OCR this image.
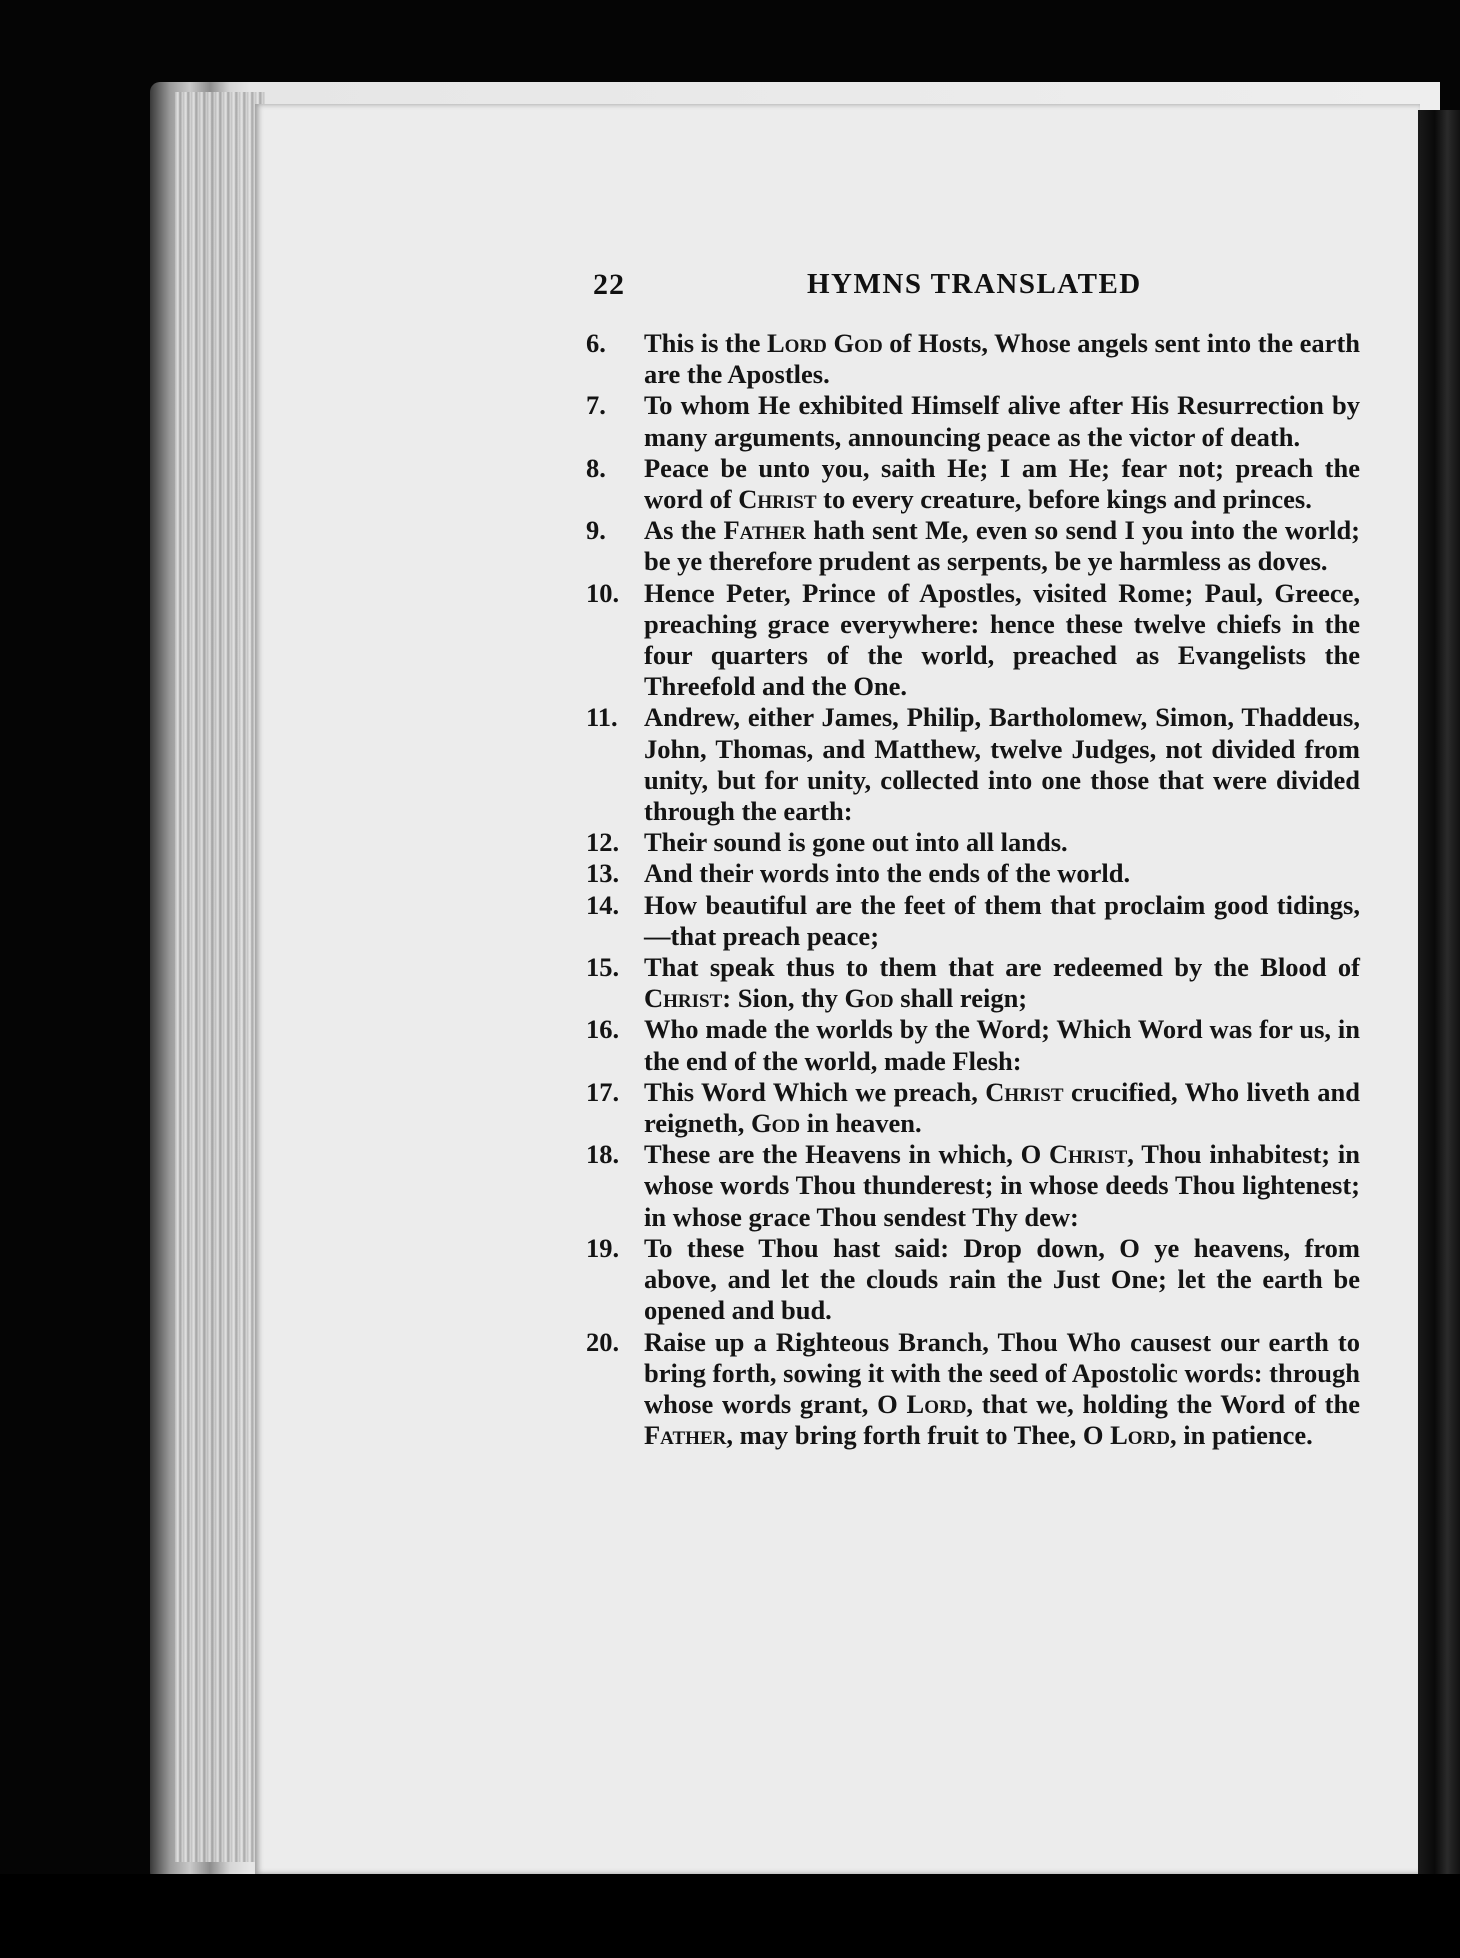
22	HYMNS TRANSLATED
6.	This is the Lord God of Hosts, Whose angels sent into the earth are the Apostles.
7.	To whom He exhibited Himself alive after His Resurrection by many arguments, announcing peace as the victor of death.
8.	Peace be unto you, saith He; I am He; fear not; preach the word of Christ to every creature, before kings and princes.
9.	As the Father hath sent Me, even so send I you into the world; be ye therefore prudent as serpents, be ye harmless as doves.
10. Hence Peter, Prince of Apostles, visited Rome; Paul, Greece, preaching grace everywhere: hence these twelve chiefs in the four quarters of the world, preached as Evangelists the Threefold and the One.
11. Andrew, either James, Philip, Bartholomew, Simon, Thaddeus, John, Thomas, and Matthew, twelve Judges, not divided from unity, but for unity, collected into one those that were divided through the earth:
12. Their sound is gone out into all lands.
13. And their words into the ends of the world.
14. How beautiful are the feet of them that proclaim good tidings,—that preach peace;
15. That speak thus to them that are redeemed by the Blood of Christ: Sion, thy God shall reign;
16. Who made the worlds by the Word; Which Word was for us, in the end of the world, made Flesh:
17. This Word Which we preach, Christ crucified, Who liveth and reigneth, God in heaven.
18. These are the Heavens in which, O Christ, Thou inhabitest; in whose words Thou thunderest; in whose deeds Thou lightenest; in whose grace Thou sendest Thy dew:
19. To these Thou hast said: Drop down, O ye heavens, from above, and let the clouds rain the Just One; let the earth be opened and bud.
20. Raise up a Righteous Branch, Thou Who causest our earth to bring forth, sowing it with the seed of Apostolic words: through whose words grant, O Lord, that we, holding the Word of the Father, may bring forth fruit to Thee, O Lord, in patience.
